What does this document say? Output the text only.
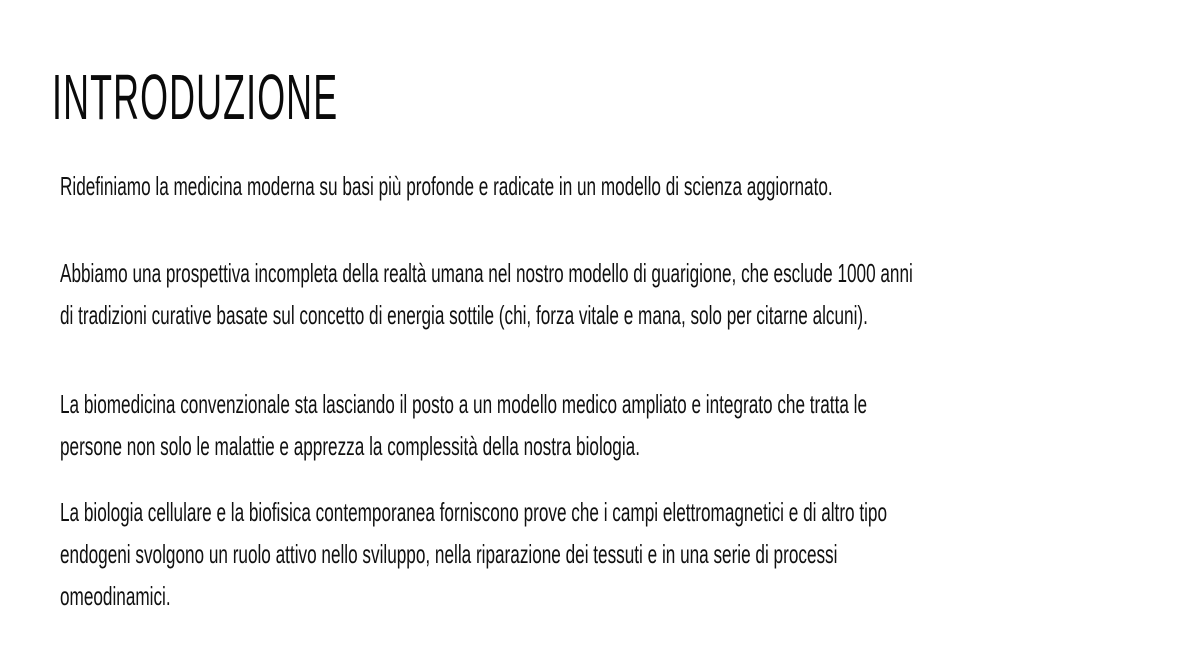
INTRODUZIONE

Ridefiniamo la medicina moderna su basi più profonde e radicate in un modello di scienza aggiornato.

Abbiamo una prospettiva incompleta della realtà umana nel nostro modello di guarigione, che esclude 1000 anni
di tradizioni curative basate sul concetto di energia sottile (chi, forza vitale e mana, solo per citarne alcuni).

La biomedicina convenzionale sta lasciando il posto a un modello medico ampliato e integrato che tratta le
persone non solo le malattie e apprezza la complessità della nostra biologia.

La biologia cellulare e la biofisica contemporanea forniscono prove che i campi elettromagnetici e di altro tipo
endogeni svolgono un ruolo attivo nello sviluppo, nella riparazione dei tessuti e in una serie di processi
omeodinamici.
